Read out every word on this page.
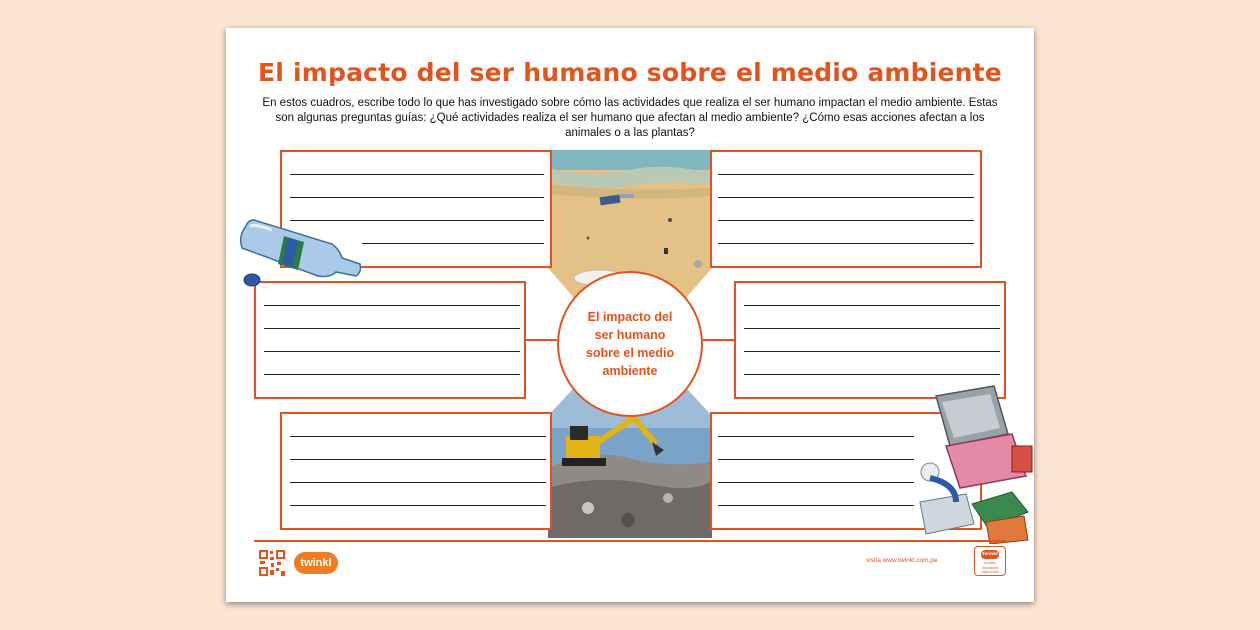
El impacto del ser humano sobre el medio ambiente
En estos cuadros, escribe todo lo que has investigado sobre cómo las actividades que realiza el ser humano impactan el medio ambiente. Estas son algunas preguntas guías: ¿Qué actividades realiza el ser humano que afectan al medio ambiente? ¿Cómo esas acciones afectan a los animales o a las plantas?
El impacto del ser humano sobre el medio ambiente
twinkl	visita www.twinkl.com.pe
twinkl
Quality Standard Approved
